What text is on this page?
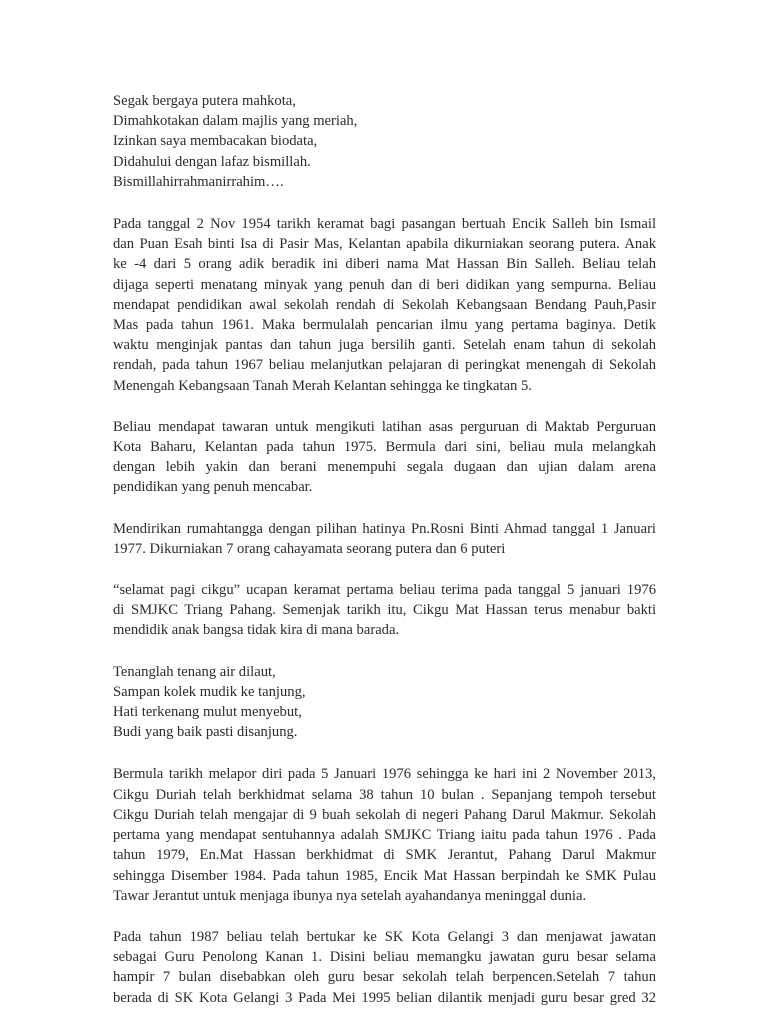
Segak bergaya putera mahkota,
Dimahkotakan dalam majlis yang meriah,
Izinkan saya membacakan biodata,
Didahului dengan lafaz bismillah.
Bismillahirrahmanirrahim….
Pada tanggal 2 Nov 1954 tarikh keramat bagi pasangan bertuah Encik Salleh bin Ismail
dan Puan Esah binti Isa di Pasir Mas, Kelantan apabila dikurniakan seorang putera. Anak
ke -4 dari 5 orang adik beradik ini diberi nama Mat Hassan Bin Salleh. Beliau telah
dijaga seperti menatang minyak yang penuh dan di beri didikan yang sempurna. Beliau
mendapat pendidikan awal sekolah rendah di Sekolah Kebangsaan Bendang Pauh,Pasir
Mas pada tahun 1961. Maka bermulalah pencarian ilmu yang pertama baginya. Detik
waktu menginjak pantas dan tahun juga bersilih ganti. Setelah enam tahun di sekolah
rendah, pada tahun 1967 beliau melanjutkan pelajaran di peringkat menengah di Sekolah
Menengah Kebangsaan Tanah Merah Kelantan sehingga ke tingkatan 5.
Beliau mendapat tawaran untuk mengikuti latihan asas perguruan di Maktab Perguruan
Kota Baharu, Kelantan pada tahun 1975. Bermula dari sini, beliau mula melangkah
dengan lebih yakin dan berani menempuhi segala dugaan dan ujian dalam arena
pendidikan yang penuh mencabar.
Mendirikan rumahtangga dengan pilihan hatinya Pn.Rosni Binti Ahmad tanggal 1 Januari
1977. Dikurniakan 7 orang cahayamata seorang putera dan 6 puteri
“selamat pagi cikgu” ucapan keramat pertama beliau terima pada tanggal 5 januari 1976
di SMJKC Triang Pahang. Semenjak tarikh itu, Cikgu Mat Hassan terus menabur bakti
mendidik anak bangsa tidak kira di mana barada.
Tenanglah tenang air dilaut,
Sampan kolek mudik ke tanjung,
Hati terkenang mulut menyebut,
Budi yang baik pasti disanjung.
Bermula tarikh melapor diri pada 5 Januari 1976 sehingga ke hari ini 2 November 2013,
Cikgu Duriah telah berkhidmat selama 38 tahun 10 bulan . Sepanjang tempoh tersebut
Cikgu Duriah telah mengajar di 9 buah sekolah di negeri Pahang Darul Makmur. Sekolah
pertama yang mendapat sentuhannya adalah SMJKC Triang iaitu pada tahun 1976 . Pada
tahun 1979, En.Mat Hassan berkhidmat di SMK Jerantut, Pahang Darul Makmur
sehingga Disember 1984. Pada tahun 1985, Encik Mat Hassan berpindah ke SMK Pulau
Tawar Jerantut untuk menjaga ibunya nya setelah ayahandanya meninggal dunia.
Pada tahun 1987 beliau telah bertukar ke SK Kota Gelangi 3 dan menjawat jawatan
sebagai Guru Penolong Kanan 1. Disini beliau memangku jawatan guru besar selama
hampir 7 bulan disebabkan oleh guru besar sekolah telah berpencen.Setelah 7 tahun
berada di SK Kota Gelangi 3 Pada Mei 1995 belian dilantik menjadi guru besar gred 32
